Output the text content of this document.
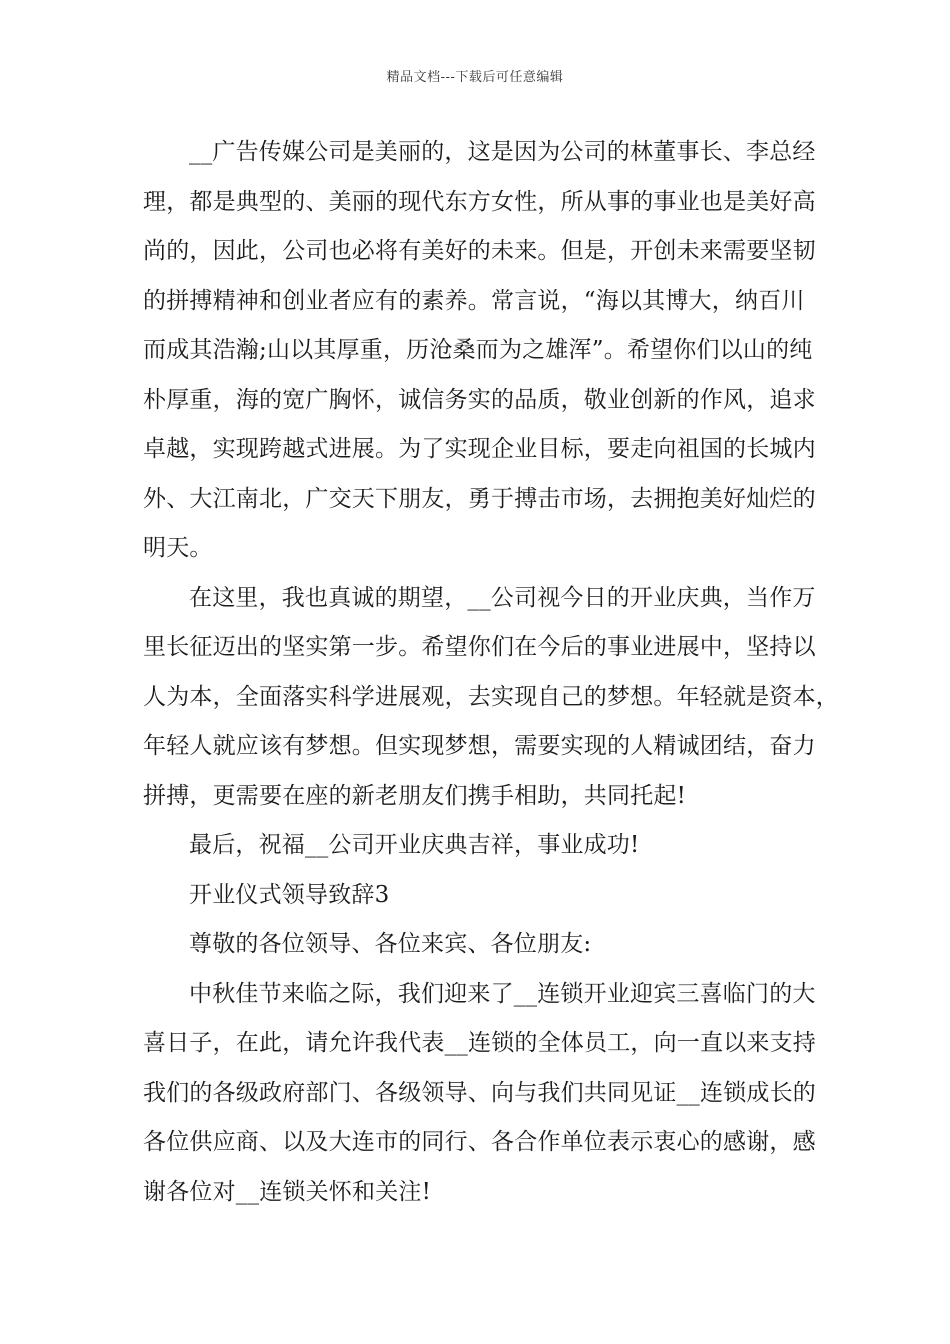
精品文档---下载后可任意编辑
__广告传媒公司是美丽的，这是因为公司的林董事长、李总经
理，都是典型的、美丽的现代东方女性，所从事的事业也是美好高
尚的，因此，公司也必将有美好的未来。但是，开创未来需要坚韧
的拼搏精神和创业者应有的素养。常言说，“海以其博大，纳百川
而成其浩瀚;山以其厚重，历沧桑而为之雄浑”。希望你们以山的纯
朴厚重，海的宽广胸怀，诚信务实的品质，敬业创新的作风，追求
卓越，实现跨越式进展。为了实现企业目标，要走向祖国的长城内
外、大江南北，广交天下朋友，勇于搏击市场，去拥抱美好灿烂的
明天。
在这里，我也真诚的期望，__公司视今日的开业庆典，当作万
里长征迈出的坚实第一步。希望你们在今后的事业进展中，坚持以
人为本，全面落实科学进展观，去实现自己的梦想。年轻就是资本，
年轻人就应该有梦想。但实现梦想，需要实现的人精诚团结，奋力
拼搏，更需要在座的新老朋友们携手相助，共同托起!
最后，祝福__公司开业庆典吉祥，事业成功!
开业仪式领导致辞3
尊敬的各位领导、各位来宾、各位朋友:
中秋佳节来临之际，我们迎来了__连锁开业迎宾三喜临门的大
喜日子，在此，请允许我代表__连锁的全体员工，向一直以来支持
我们的各级政府部门、各级领导、向与我们共同见证__连锁成长的
各位供应商、以及大连市的同行、各合作单位表示衷心的感谢，感
谢各位对__连锁关怀和关注!
